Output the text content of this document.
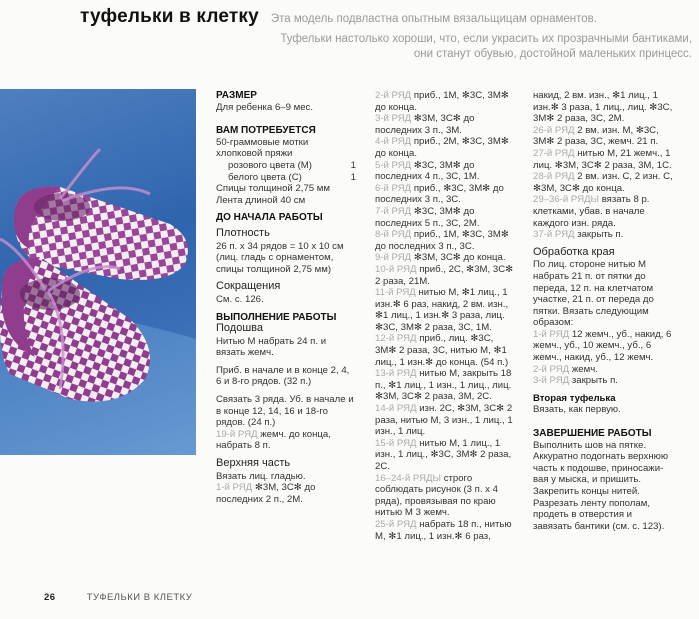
туфельки в клетку Эта модель подвластна опытным вязальщицам орнаментов.
Туфельки настолько хороши, что, если украсить их прозрачными бантиками,
они станут обувью, достойной маленьких принцесс.
РАЗМЕР
Для ребенка 6–9 мес.
ВАМ ПОТРЕБУЕТСЯ
50-граммовые мотки
хлопковой пряжи
розового цвета (М)	1
белого цвета (С)	1
Спицы толщиной 2,75 мм
Лента длиной 40 см
ДО НАЧАЛА РАБОТЫ
Плотность
26 п. x 34 рядов = 10 x 10 см (лиц. гладь с орнаментом, спицы толщиной 2,75 мм)
Сокращения
См. с. 126.
ВЫПОЛНЕНИЕ РАБОТЫ
Подошва
Нитью М набрать 24 п. и вязать жемч.
Приб. в начале и в конце 2, 4, 6 и 8-го рядов. (32 п.)
Связать 3 ряда. Уб. в начале и в конце 12, 14, 16 и 18-го рядов. (24 п.)
19-й РЯД жемч. до конца, набрать 8 п.
Верхняя часть
Вязать лиц. гладью.
1-й РЯД ✻3М, 3С✻ до последних 2 п., 2М.
2-й РЯД приб., 1М, ✻3С, 3М✻ до конца.
3-й РЯД ✻3М, 3С✻ до последних 3 п., 3М.
4-й РЯД приб., 2М, ✻3С, 3М✻ до конца.
5-й РЯД ✻3С, 3М✻ до последних 4 п., 3С, 1М.
6-й РЯД приб., ✻3С, 3М✻ до последних 3 п., 3С.
7-й РЯД ✻3С, 3М✻ до последних 5 п., 3С, 2М.
8-й РЯД приб., 1М, ✻3С, 3М✻ до последних 3 п., 3С.
9-й РЯД ✻3М, 3С✻ до конца.
10-й РЯД приб., 2С, ✻3М, 3С✻ 2 раза, 21М.
11-й РЯД нитью М, ✻1 лиц., 1 изн.✻ 6 раз, накид, 2 вм. изн., ✻1 лиц., 1 изн.✻ 3 раза, лиц. ✻3С, 3М✻ 2 раза, 3С, 1М.
12-й РЯД приб., лиц. ✻3С, 3М✻ 2 раза, 3С, нитью М, ✻1 лиц., 1 изн.✻ до конца. (54 п.)
13-й РЯД нитью М, закрыть 18 п., ✻1 лиц., 1 изн., 1 лиц., лиц. ✻3М, 3С✻ 2 раза, 3М, 2С.
14-й РЯД изн. 2С, ✻3М, 3С✻ 2 раза, нитью М, 3 изн., 1 лиц., 1 изн., 1 лиц.
15-й РЯД нитью М, 1 лиц., 1 изн., 1 лиц., ✻3С, 3М✻ 2 раза, 2С.
16–24-й РЯДЫ строго соблюдать рисунок (3 п. x 4 ряда), провязывая по краю нитью М 3 жемч.
25-й РЯД набрать 18 п., нитью М, ✻1 лиц., 1 изн.✻ 6 раз,
накид, 2 вм. изн., ✻1 лиц., 1 изн.✻ 3 раза, 1 лиц., лиц. ✻3С, 3М✻ 2 раза, 3С, 2М.
26-й РЯД 2 вм. изн. М, ✻3С, 3М✻ 2 раза, 3С, жемч. 21 п.
27-й РЯД нитью М, 21 жемч., 1 лиц. ✻3М, 3С✻ 2 раза, 3М, 1С.
28-й РЯД 2 вм. изн. С, 2 изн. С, ✻3М, 3С✻ до конца.
29–36-й РЯДЫ вязать 8 р. клетками, убав. в начале каждого изн. ряда.
37-й РЯД закрыть п.
Обработка края
По лиц. стороне нитью М набрать 21 п. от пятки до переда, 12 п. на клетчатом участке, 21 п. от переда до пятки. Вязать следующим образом:
1-й РЯД 12 жемч., уб., накид, 6 жемч., уб., 10 жемч., уб., 6 жемч., накид, уб., 12 жемч.
2-й РЯД жемч.
3-й РЯД закрыть п.
Вторая туфелька
Вязать, как первую.
ЗАВЕРШЕНИЕ РАБОТЫ
Выполнить шов на пятке. Аккуратно подогнать верхнюю часть к подошве, приносажи-вая у мыска, и пришить. Закрепить концы нитей. Разрезать ленту пополам, продеть в отверстия и завязать бантики (см. с. 123).
26	ТУФЕЛЬКИ В КЛЕТКУ
